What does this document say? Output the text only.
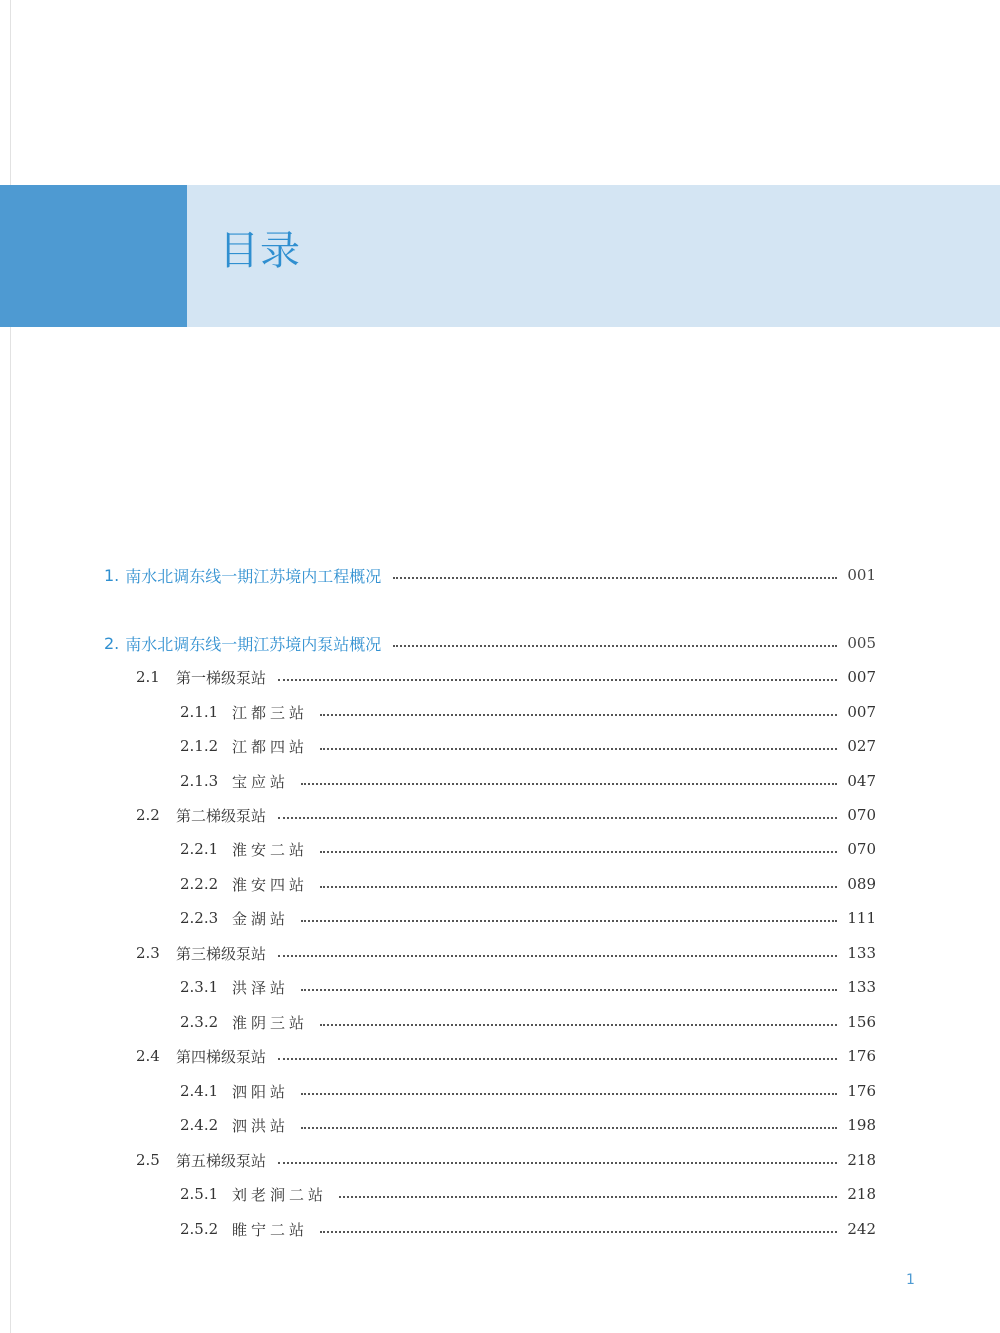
目录
1. 南水北调东线一期江苏境内工程概况	001
2. 南水北调东线一期江苏境内泵站概况	005
2.1	第一梯级泵站	007
2.1.1 江都三站	007
2.1.2 江都四站	027
2.1.3 宝应站	047
2.2	第二梯级泵站	070
2.2.1 淮安二站	070
2.2.2 淮安四站	089
2.2.3 金湖站	111
2.3	第三梯级泵站	133
2.3.1 洪泽站	133
2.3.2 淮阴三站	156
2.4	第四梯级泵站	176
2.4.1 泗阳站	176
2.4.2 泗洪站	198
2.5	第五梯级泵站	218
2.5.1 刘老涧二站	218
2.5.2 睢宁二站	242
1
